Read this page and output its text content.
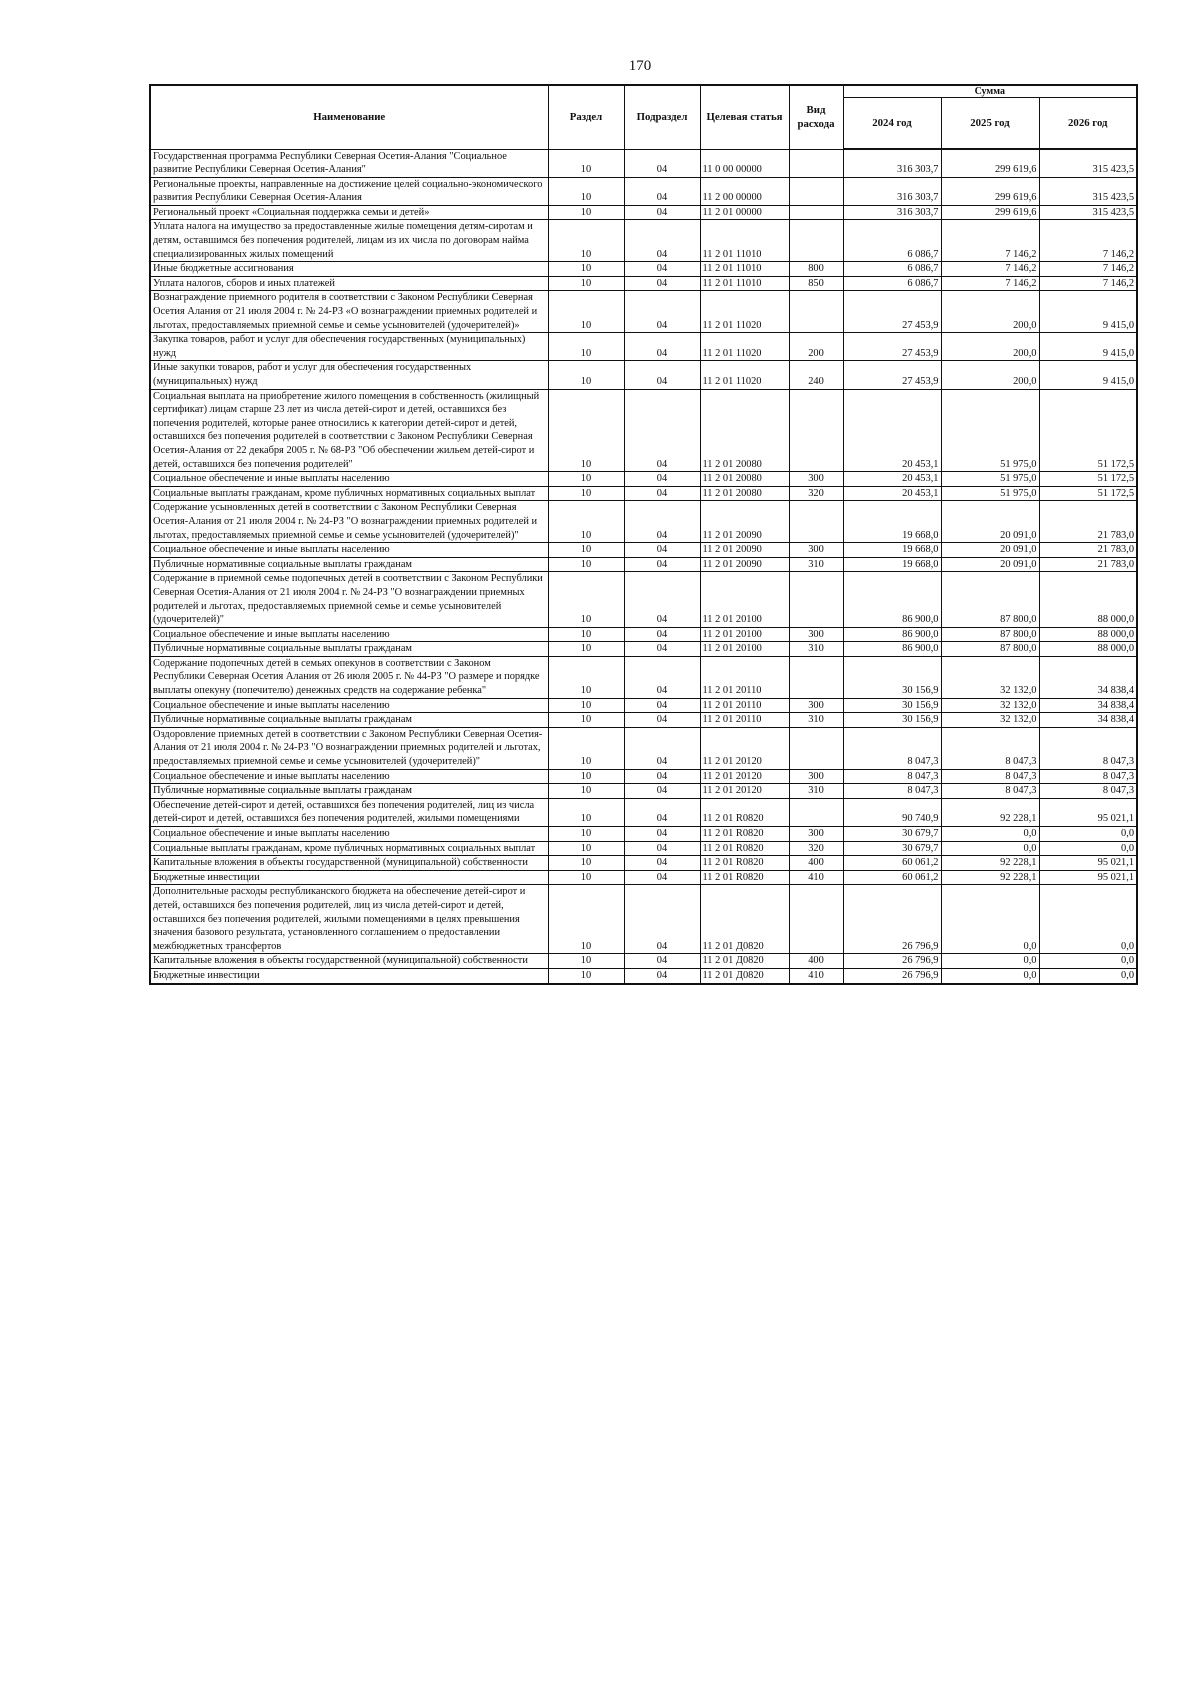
170
Наименование	Раздел	Подраздел	Целевая статья	Вид расхода	Сумма		
					2024 год	2025 год	2026 год
Государственная программа Республики Северная Осетия-Алания "Социальное развитие Республики Северная Осетия-Алания"	10	04	11 0 00 00000		316 303,7	299 619,6	315 423,5
Региональные проекты, направленные на достижение целей социально-экономического развития Республики Северная Осетия-Алания	10	04	11 2 00 00000		316 303,7	299 619,6	315 423,5
Региональный проект «Социальная поддержка семьи и детей»	10	04	11 2 01 00000		316 303,7	299 619,6	315 423,5
Уплата налога на имущество за предоставленные жилые помещения детям-сиротам и детям, оставшимся без попечения родителей, лицам из их числа по договорам найма специализированных жилых помещений	10	04	11 2 01 11010		6 086,7	7 146,2	7 146,2
Иные бюджетные ассигнования	10	04	11 2 01 11010	800	6 086,7	7 146,2	7 146,2
Уплата налогов, сборов и иных платежей	10	04	11 2 01 11010	850	6 086,7	7 146,2	7 146,2
Вознаграждение приемного родителя в соответствии с Законом Республики Северная Осетия Алания от 21 июля 2004 г. № 24-РЗ «О вознаграждении приемных родителей и льготах, предоставляемых приемной семье и семье усыновителей (удочерителей)»	10	04	11 2 01 11020		27 453,9	200,0	9 415,0
Закупка товаров, работ и услуг для обеспечения государственных (муниципальных) нужд	10	04	11 2 01 11020	200	27 453,9	200,0	9 415,0
Иные закупки товаров, работ и услуг для обеспечения государственных (муниципальных) нужд	10	04	11 2 01 11020	240	27 453,9	200,0	9 415,0
Социальная выплата на приобретение жилого помещения в собственность (жилищный сертификат) лицам старше 23 лет из числа детей-сирот и детей, оставшихся без попечения родителей, которые ранее относились к категории детей-сирот и детей, оставшихся без попечения родителей в соответствии с Законом Республики Северная Осетия-Алания от 22 декабря 2005 г. № 68-РЗ "Об обеспечении жильем детей-сирот и детей, оставшихся без попечения родителей"	10	04	11 2 01 20080		20 453,1	51 975,0	51 172,5
Социальное обеспечение и иные выплаты населению	10	04	11 2 01 20080	300	20 453,1	51 975,0	51 172,5
Социальные выплаты гражданам, кроме публичных нормативных социальных выплат	10	04	11 2 01 20080	320	20 453,1	51 975,0	51 172,5
Содержание усыновленных детей в соответствии с Законом Республики Северная Осетия-Алания от 21 июля 2004 г. № 24-РЗ "О вознаграждении приемных родителей и льготах, предоставляемых приемной семье и семье усыновителей (удочерителей)"	10	04	11 2 01 20090		19 668,0	20 091,0	21 783,0
Социальное обеспечение и иные выплаты населению	10	04	11 2 01 20090	300	19 668,0	20 091,0	21 783,0
Публичные нормативные социальные выплаты гражданам	10	04	11 2 01 20090	310	19 668,0	20 091,0	21 783,0
Содержание в приемной семье подопечных детей в соответствии с Законом Республики Северная Осетия-Алания от 21 июля 2004 г. № 24-РЗ "О вознаграждении приемных родителей и льготах, предоставляемых приемной семье и семье усыновителей (удочерителей)"	10	04	11 2 01 20100		86 900,0	87 800,0	88 000,0
Социальное обеспечение и иные выплаты населению	10	04	11 2 01 20100	300	86 900,0	87 800,0	88 000,0
Публичные нормативные социальные выплаты гражданам	10	04	11 2 01 20100	310	86 900,0	87 800,0	88 000,0
Содержание подопечных детей в семьях опекунов в соответствии с Законом Республики Северная Осетия Алания от 26 июля 2005 г. № 44-РЗ "О размере и порядке выплаты опекуну (попечителю) денежных средств на содержание ребенка"	10	04	11 2 01 20110		30 156,9	32 132,0	34 838,4
Социальное обеспечение и иные выплаты населению	10	04	11 2 01 20110	300	30 156,9	32 132,0	34 838,4
Публичные нормативные социальные выплаты гражданам	10	04	11 2 01 20110	310	30 156,9	32 132,0	34 838,4
Оздоровление приемных детей в соответствии с Законом Республики Северная Осетия-Алания от 21 июля 2004 г. № 24-РЗ "О вознаграждении приемных родителей и льготах, предоставляемых приемной семье и семье усыновителей (удочерителей)"	10	04	11 2 01 20120		8 047,3	8 047,3	8 047,3
Социальное обеспечение и иные выплаты населению	10	04	11 2 01 20120	300	8 047,3	8 047,3	8 047,3
Публичные нормативные социальные выплаты гражданам	10	04	11 2 01 20120	310	8 047,3	8 047,3	8 047,3
Обеспечение детей-сирот и детей, оставшихся без попечения родителей, лиц из числа детей-сирот и детей, оставшихся без попечения родителей, жилыми помещениями	10	04	11 2 01 R0820		90 740,9	92 228,1	95 021,1
Социальное обеспечение и иные выплаты населению	10	04	11 2 01 R0820	300	30 679,7	0,0	0,0
Социальные выплаты гражданам, кроме публичных нормативных социальных выплат	10	04	11 2 01 R0820	320	30 679,7	0,0	0,0
Капитальные вложения в объекты государственной (муниципальной) собственности	10	04	11 2 01 R0820	400	60 061,2	92 228,1	95 021,1
Бюджетные инвестиции	10	04	11 2 01 R0820	410	60 061,2	92 228,1	95 021,1
Дополнительные расходы республиканского бюджета на обеспечение детей-сирот и детей, оставшихся без попечения родителей, лиц из числа детей-сирот и детей, оставшихся без попечения родителей, жилыми помещениями в целях превышения значения базового результата, установленного соглашением о предоставлении межбюджетных трансфертов	10	04	11 2 01 Д0820		26 796,9	0,0	0,0
Капитальные вложения в объекты государственной (муниципальной) собственности	10	04	11 2 01 Д0820	400	26 796,9	0,0	0,0
Бюджетные инвестиции	10	04	11 2 01 Д0820	410	26 796,9	0,0	0,0
